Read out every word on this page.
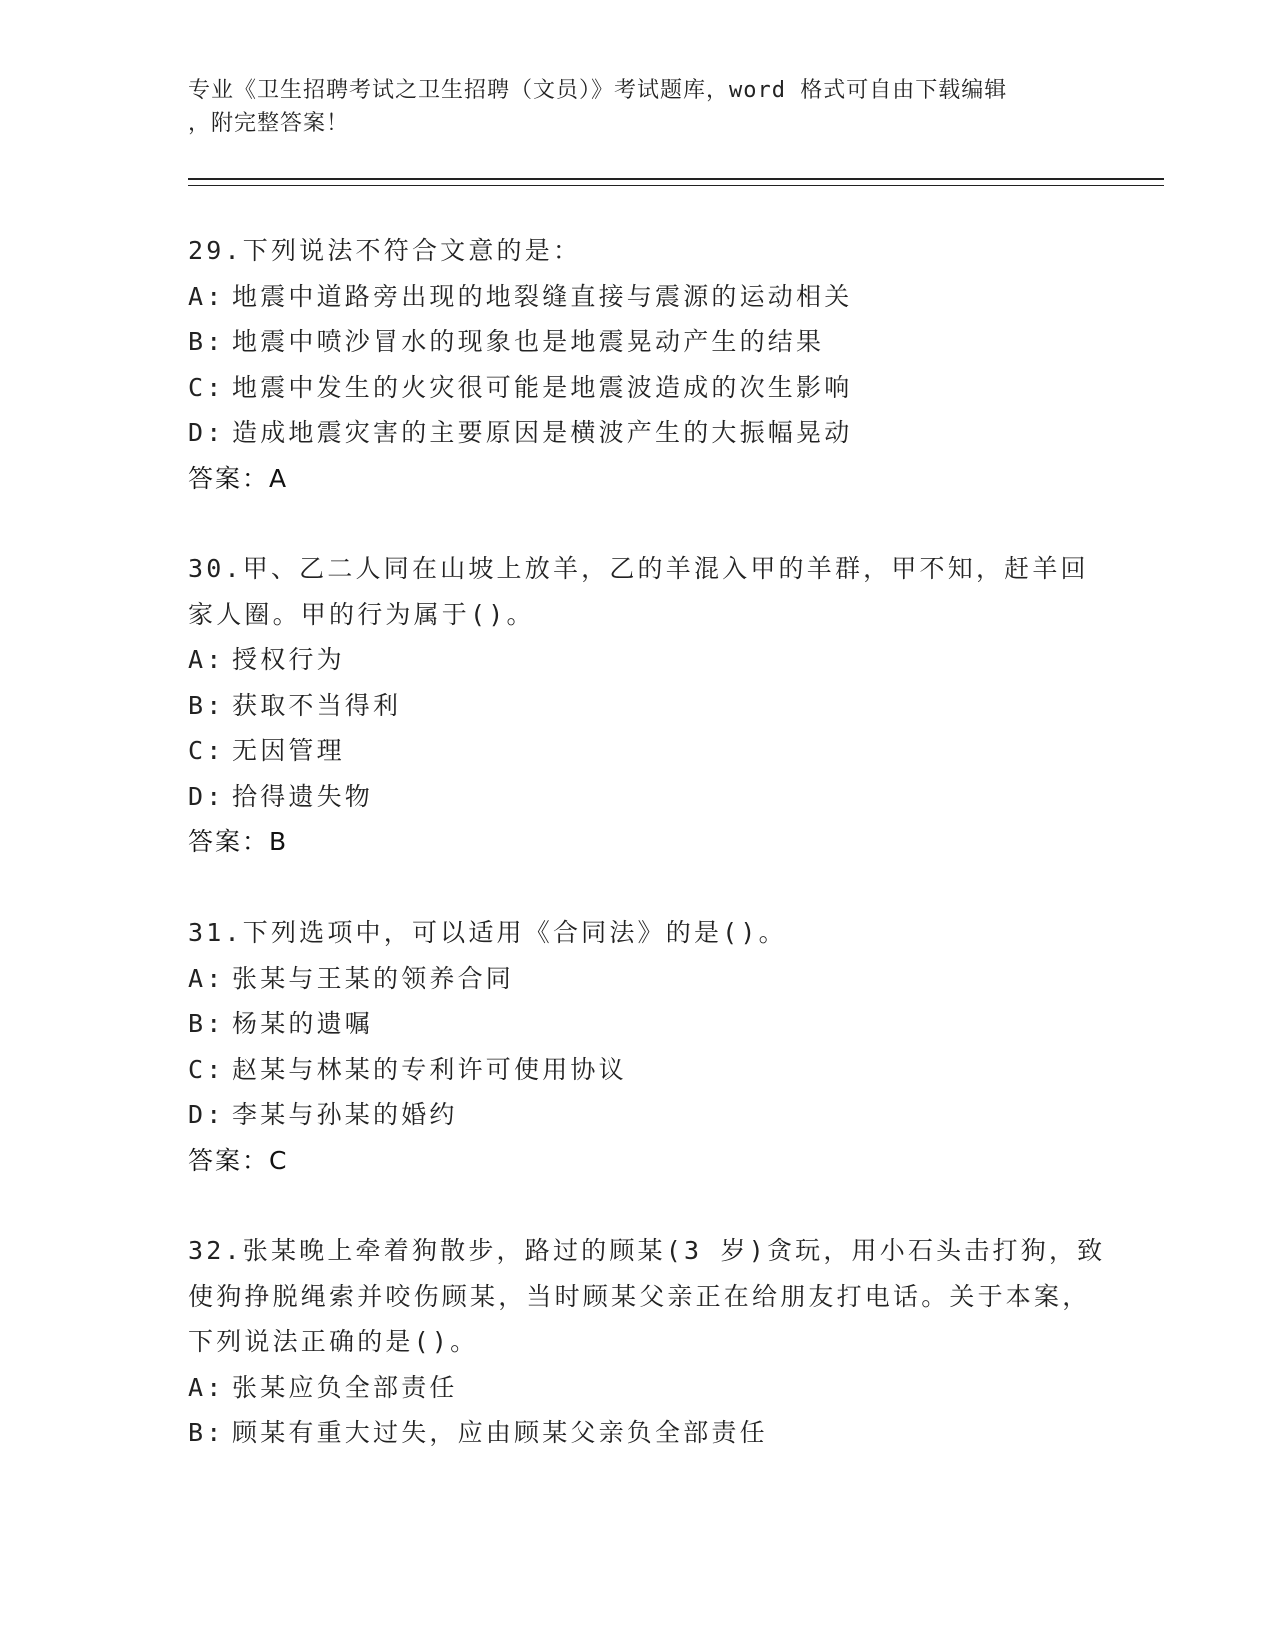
专业《卫生招聘考试之卫生招聘（文员）》考试题库，word 格式可自由下载编辑
，附完整答案！
29.下列说法不符合文意的是：
A: 地震中道路旁出现的地裂缝直接与震源的运动相关
B: 地震中喷沙冒水的现象也是地震晃动产生的结果
C: 地震中发生的火灾很可能是地震波造成的次生影响
D: 造成地震灾害的主要原因是横波产生的大振幅晃动
答案：A
30.甲、乙二人同在山坡上放羊，乙的羊混入甲的羊群，甲不知，赶羊回家人圈。甲的行为属于()。
A: 授权行为
B: 获取不当得利
C: 无因管理
D: 拾得遗失物
答案：B
31.下列选项中，可以适用《合同法》的是()。
A: 张某与王某的领养合同
B: 杨某的遗嘱
C: 赵某与林某的专利许可使用协议
D: 李某与孙某的婚约
答案：C
32.张某晚上牵着狗散步，路过的顾某(3 岁)贪玩，用小石头击打狗，致使狗挣脱绳索并咬伤顾某，当时顾某父亲正在给朋友打电话。关于本案，下列说法正确的是()。
A: 张某应负全部责任
B: 顾某有重大过失，应由顾某父亲负全部责任
